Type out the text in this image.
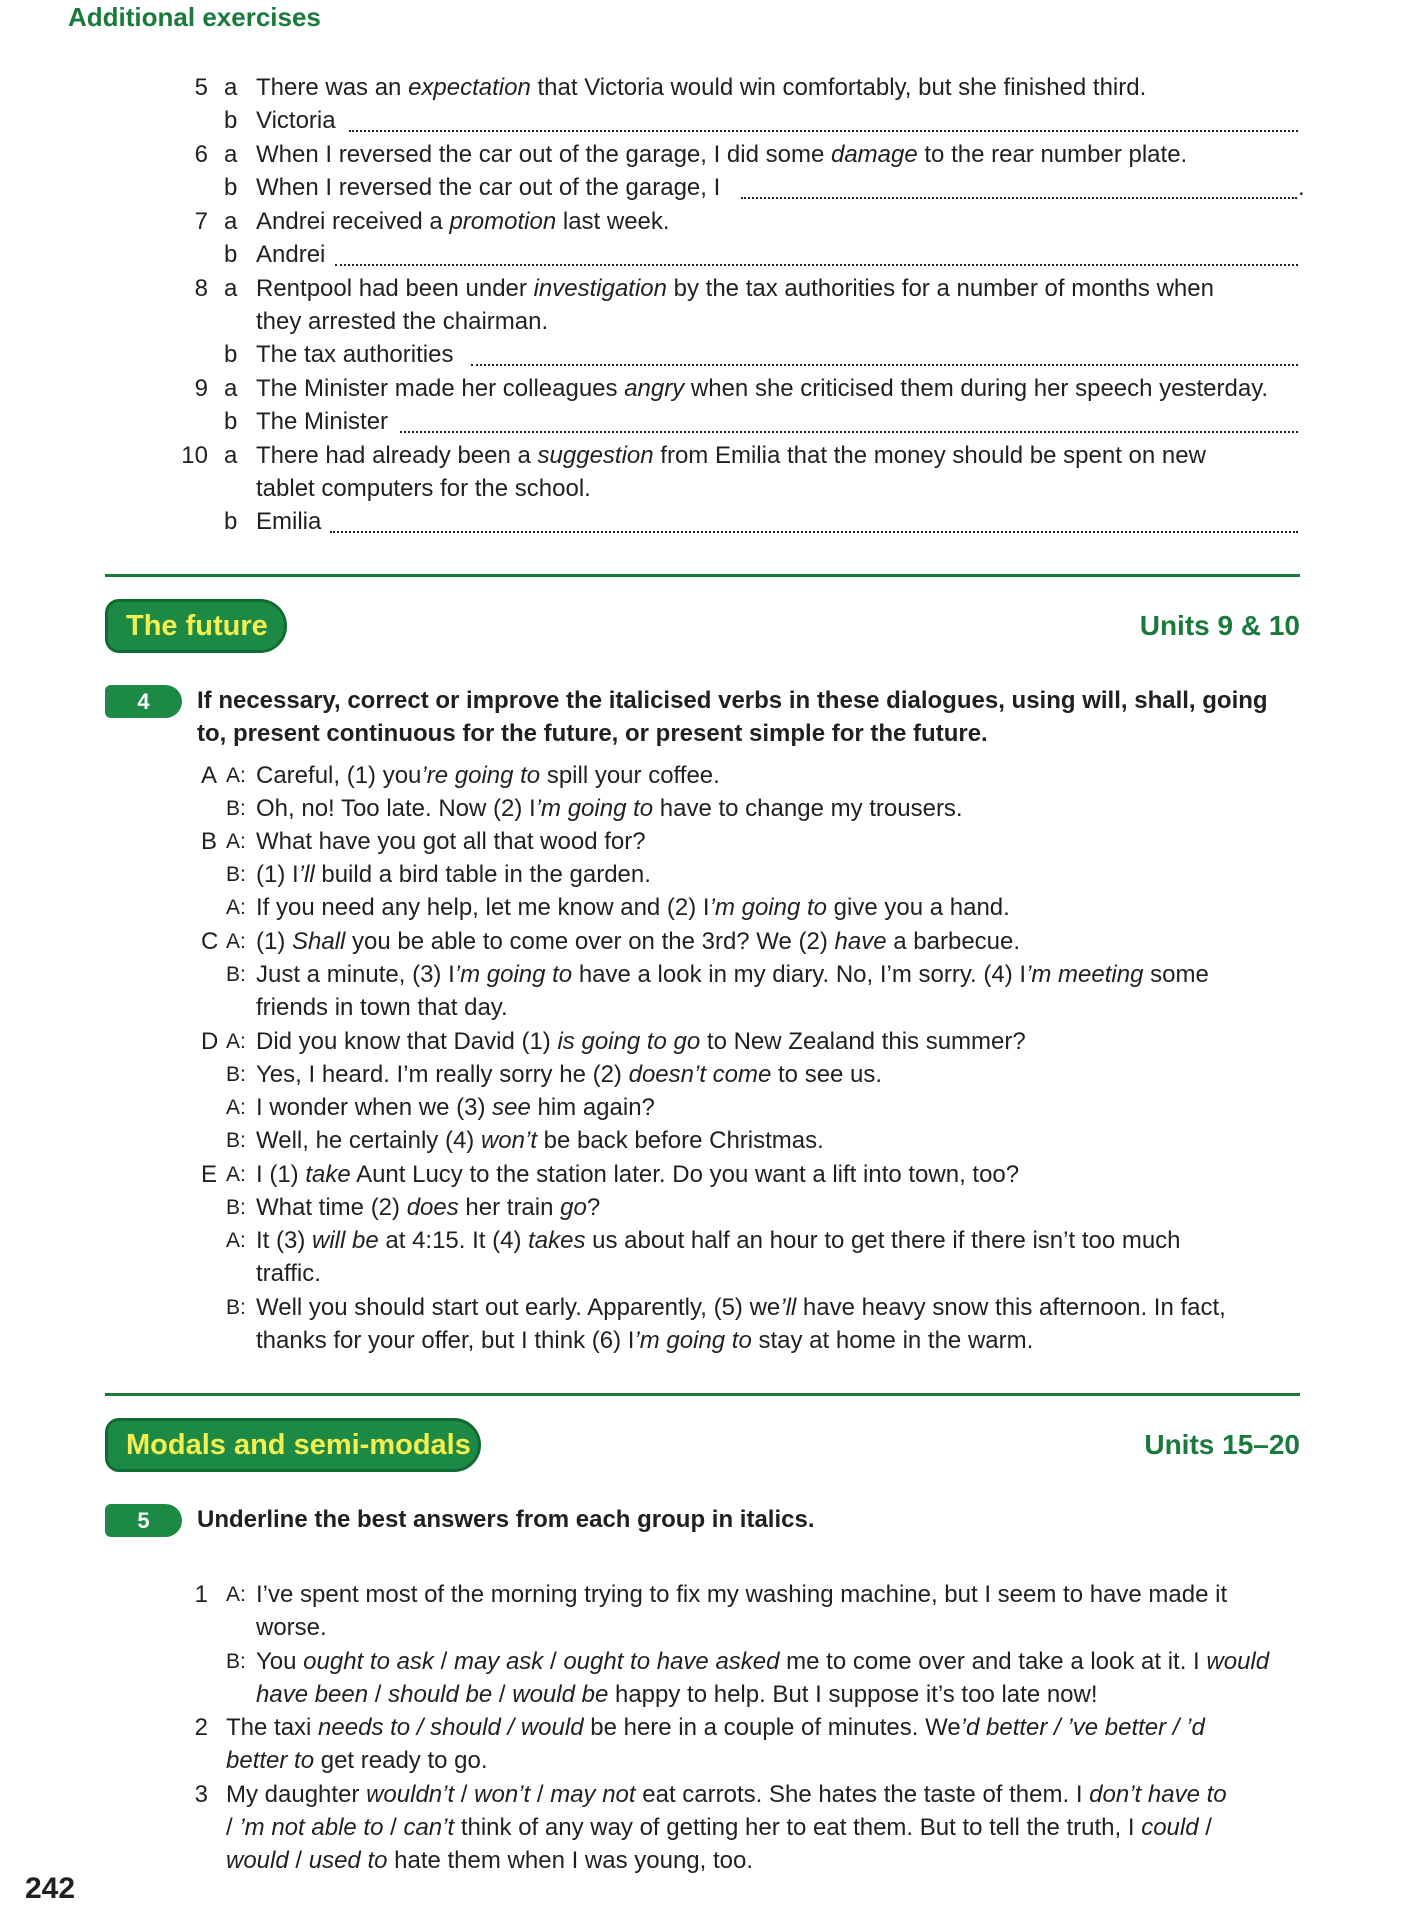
Additional exercises
5 a There was an expectation that Victoria would win comfortably, but she finished third.
b Victoria
6 a When I reversed the car out of the garage, I did some damage to the rear number plate.
b When I reversed the car out of the garage, I	.
7 a Andrei received a promotion last week.
b Andrei
8 a Rentpool had been under investigation by the tax authorities for a number of months when
they arrested the chairman.
b The tax authorities
9 a The Minister made her colleagues angry when she criticised them during her speech yesterday.
b The Minister
10 a There had already been a suggestion from Emilia that the money should be spent on new
tablet computers for the school.
b Emilia
The future	Units 9 & 10
4	If necessary, correct or improve the italicised verbs in these dialogues, using will, shall, going
to, present continuous for the future, or present simple for the future.
A A: Careful, (1) you’re going to spill your coffee.
B: Oh, no! Too late. Now (2) I’m going to have to change my trousers.
B A: What have you got all that wood for?
B: (1) I’ll build a bird table in the garden.
A: If you need any help, let me know and (2) I’m going to give you a hand.
C A: (1) Shall you be able to come over on the 3rd? We (2) have a barbecue.
B: Just a minute, (3) I’m going to have a look in my diary. No, I’m sorry. (4) I’m meeting some
friends in town that day.
D A: Did you know that David (1) is going to go to New Zealand this summer?
B: Yes, I heard. I’m really sorry he (2) doesn’t come to see us.
A: I wonder when we (3) see him again?
B: Well, he certainly (4) won’t be back before Christmas.
E A: I (1) take Aunt Lucy to the station later. Do you want a lift into town, too?
B: What time (2) does her train go?
A: It (3) will be at 4:15. It (4) takes us about half an hour to get there if there isn’t too much
traffic.
B: Well you should start out early. Apparently, (5) we’ll have heavy snow this afternoon. In fact,
thanks for your offer, but I think (6) I’m going to stay at home in the warm.
Modals and semi-modals	Units 15–20
5	Underline the best answers from each group in italics.
1 A: I’ve spent most of the morning trying to fix my washing machine, but I seem to have made it
worse.
B: You ought to ask / may ask / ought to have asked me to come over and take a look at it. I would
have been / should be / would be happy to help. But I suppose it’s too late now!
2 The taxi needs to / should / would be here in a couple of minutes. We’d better / ’ve better / ’d
better to get ready to go.
3 My daughter wouldn’t / won’t / may not eat carrots. She hates the taste of them. I don’t have to
/ ’m not able to / can’t think of any way of getting her to eat them. But to tell the truth, I could /
would / used to hate them when I was young, too.
242
